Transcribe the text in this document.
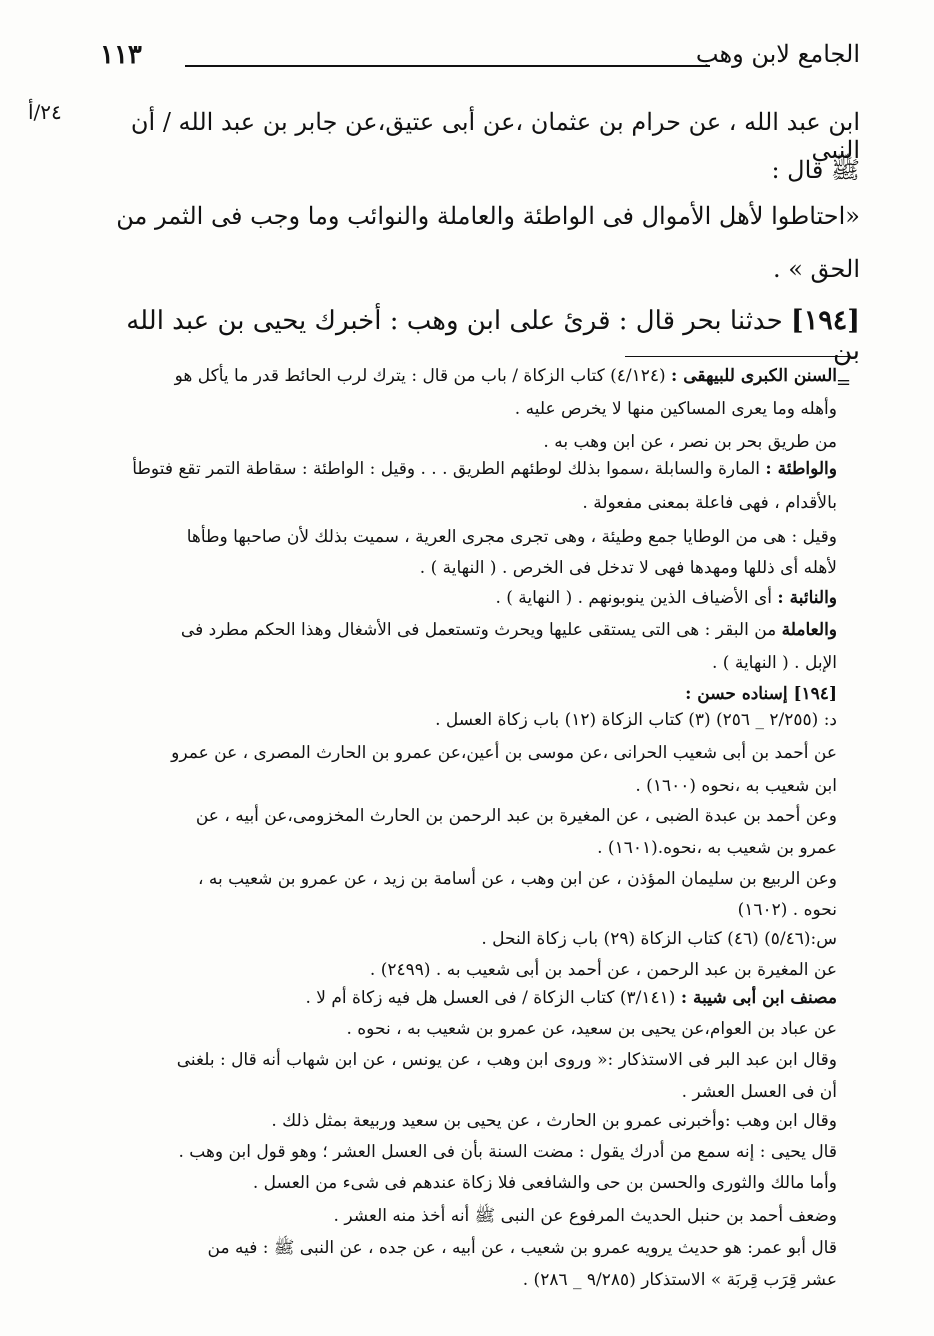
الجامع لابن وهب
١١٣
٢٤/أ	ابن عبد الله ، عن حرام بن عثمان ،عن أبى عتيق،عن جابر بن عبد الله / أن النبى
ﷺ قال :
«احتاطوا لأهل الأموال فى الواطئة والعاملة والنوائب وما وجب فى الثمر من
الحق » .
[١٩٤] حدثنا بحر قال : قرئ على ابن وهب : أخبرك يحيى بن عبد الله بن
=
السنن الكبرى للبيهقى : (٤/١٢٤) كتاب الزكاة / باب من قال : يترك لرب الحائط قدر ما يأكل هو
وأهله وما يعرى المساكين منها لا يخرص عليه .
من طريق بحر بن نصر ، عن ابن وهب به .
والواطئة : المارة والسابلة ،سموا بذلك لوطئهم الطريق . . . وقيل : الواطئة : سقاطة التمر تقع فتوطأ
بالأقدام ، فهى فاعلة بمعنى مفعولة .
وقيل : هى من الوطايا جمع وطيئة ، وهى تجرى مجرى العرية ، سميت بذلك لأن صاحبها وطأها
لأهله أى ذللها ومهدها فهى لا تدخل فى الخرص . ( النهاية ) .
والنائبة : أى الأضياف الذين ينوبونهم . ( النهاية ) .
والعاملة من البقر : هى التى يستقى عليها ويحرث وتستعمل فى الأشغال وهذا الحكم مطرد فى
الإبل . ( النهاية ) .
[١٩٤] إسناده حسن :
د: (٢/٢٥٥ _ ٢٥٦) (٣) كتاب الزكاة (١٢) باب زكاة العسل .
عن أحمد بن أبى شعيب الحرانى ،عن موسى بن أعين،عن عمرو بن الحارث المصرى ، عن عمرو
ابن شعيب به ،نحوه (١٦٠٠) .
وعن أحمد بن عبدة الضبى ، عن المغيرة بن عبد الرحمن بن الحارث المخزومى،عن أبيه ، عن
عمرو بن شعيب به ،نحوه.(١٦٠١) .
وعن الربيع بن سليمان المؤذن ، عن ابن وهب ، عن أسامة بن زيد ، عن عمرو بن شعيب به ،
نحوه . (١٦٠٢)
س:(٥/٤٦) (٤٦) كتاب الزكاة (٢٩) باب زكاة النحل .
عن المغيرة بن عبد الرحمن ، عن أحمد بن أبى شعيب به . (٢٤٩٩) .
مصنف ابن أبى شيبة : (٣/١٤١) كتاب الزكاة / فى العسل هل فيه زكاة أم لا .
عن عباد بن العوام،عن يحيى بن سعيد، عن عمرو بن شعيب به ، نحوه .
وقال ابن عبد البر فى الاستذكار :« وروى ابن وهب ، عن يونس ، عن ابن شهاب أنه قال : بلغنى
أن فى العسل العشر .
وقال ابن وهب :وأخبرنى عمرو بن الحارث ، عن يحيى بن سعيد وربيعة بمثل ذلك .
قال يحيى : إنه سمع من أدرك يقول : مضت السنة بأن فى العسل العشر ؛ وهو قول ابن وهب .
وأما مالك والثورى والحسن بن حى والشافعى فلا زكاة عندهم فى شىء من العسل .
وضعف أحمد بن حنبل الحديث المرفوع عن النبى ﷺ أنه أخذ منه العشر .
قال أبو عمر: هو حديث يرويه عمرو بن شعيب ، عن أبيه ، عن جده ، عن النبى ﷺ : فيه من
عشر قِرَب قِربَة » الاستذكار (٩/٢٨٥ _ ٢٨٦) .
